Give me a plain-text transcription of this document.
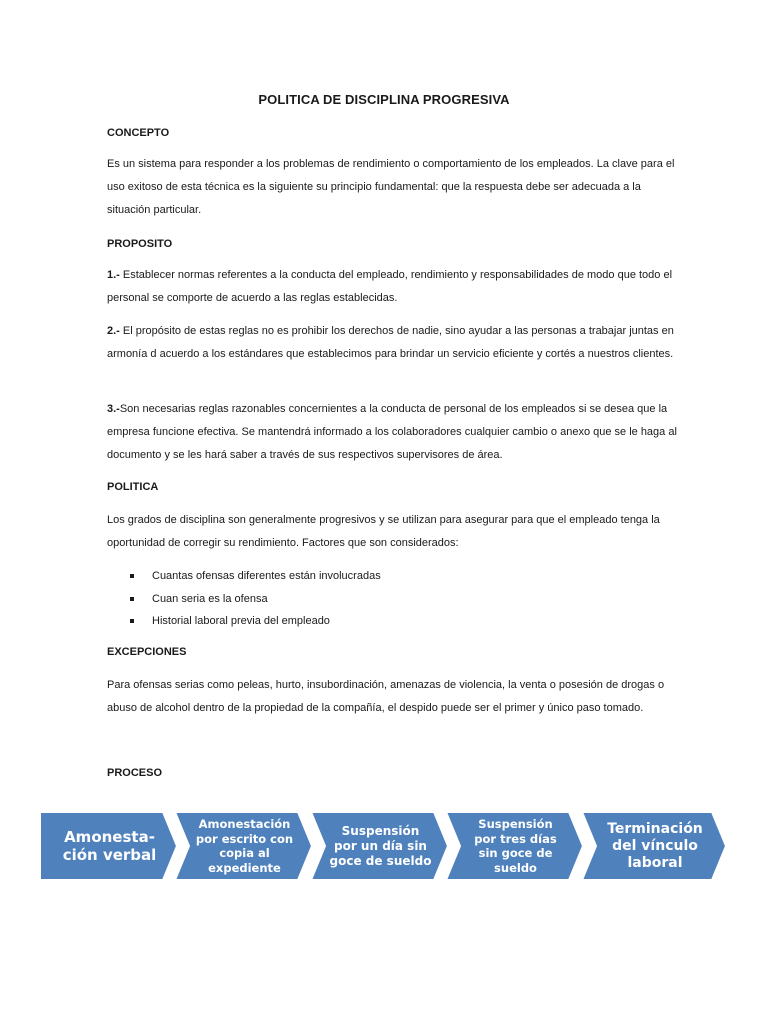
POLITICA DE DISCIPLINA PROGRESIVA
CONCEPTO

Es un sistema para responder a los problemas de rendimiento o comportamiento de los empleados. La clave para el uso exitoso de esta técnica es la siguiente su principio fundamental: que la respuesta debe ser adecuada a la situación particular.

PROPOSITO

1.- Establecer normas referentes a la conducta del empleado, rendimiento y responsabilidades de modo que todo el personal se comporte de acuerdo a las reglas establecidas.

2.- El propósito de estas reglas no es prohibir los derechos de nadie, sino ayudar a las personas a trabajar juntas en armonía d acuerdo a los estándares que establecimos para brindar un servicio eficiente y cortés a nuestros clientes.

3.-Son necesarias reglas razonables concernientes a la conducta de personal de los empleados si se desea que la empresa funcione efectiva. Se mantendrá informado a los colaboradores cualquier cambio o anexo que se le haga al documento y se les hará saber a través de sus respectivos supervisores de área.

POLITICA

Los grados de disciplina son generalmente progresivos y se utilizan para asegurar para que el empleado tenga la oportunidad de corregir su rendimiento. Factores que son considerados:

Cuantas ofensas diferentes están involucradas
Cuan seria es la ofensa
Historial laboral previa del empleado
EXCEPCIONES

Para ofensas serias como peleas, hurto, insubordinación, amenazas de violencia, la venta o posesión de drogas o abuso de alcohol dentro de la propiedad de la compañía, el despido puede ser el primer y único paso tomado.

PROCESO
Amonesta-
ción verbal
Amonestación
por escrito con
copia al
expediente
Suspensión
por un día sin
goce de sueldo
Suspensión
por tres días
sin goce de
sueldo
Terminación
del vínculo
laboral
